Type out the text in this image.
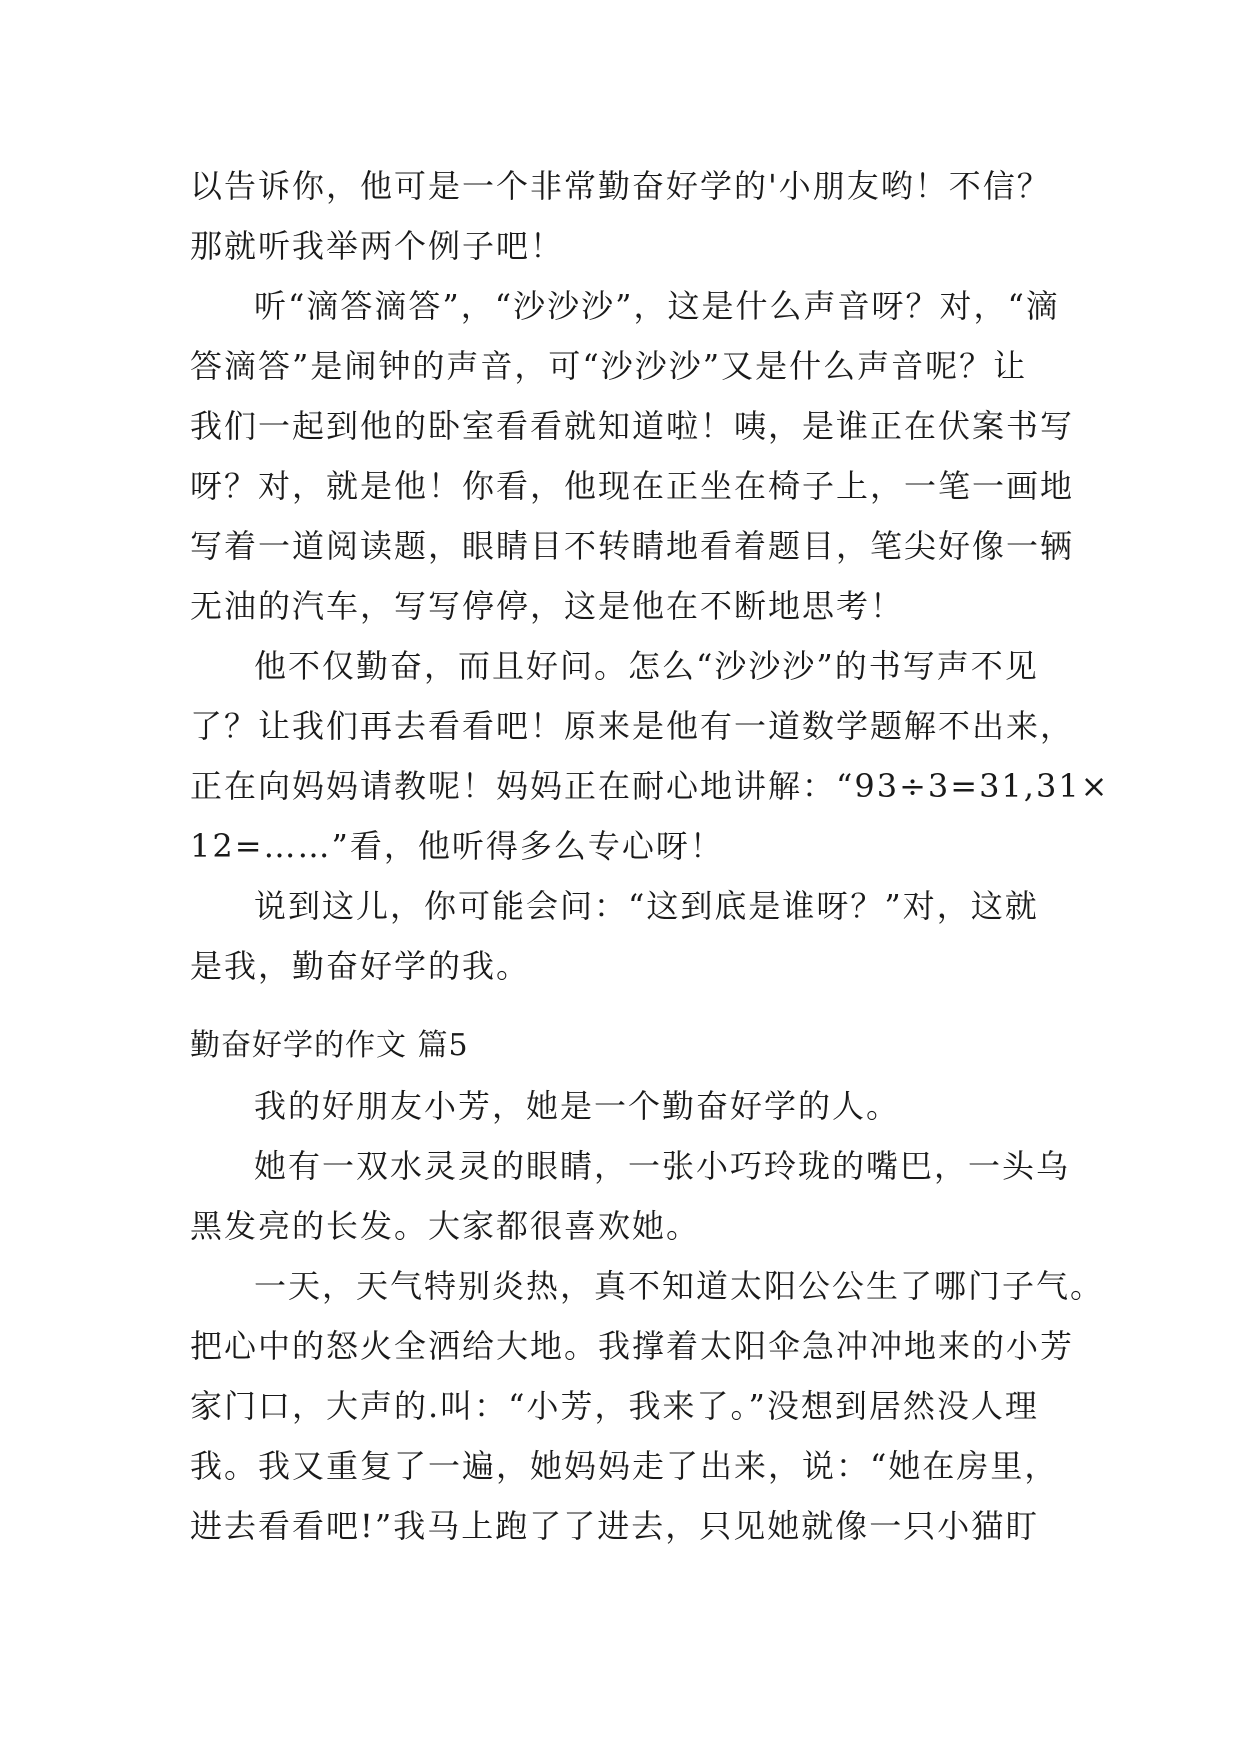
以告诉你，他可是一个非常勤奋好学的'小朋友哟！不信？
那就听我举两个例子吧！
听“滴答滴答”，“沙沙沙”，这是什么声音呀？对，“滴
答滴答”是闹钟的声音，可“沙沙沙”又是什么声音呢？让
我们一起到他的卧室看看就知道啦！咦，是谁正在伏案书写
呀？对，就是他！你看，他现在正坐在椅子上，一笔一画地
写着一道阅读题，眼睛目不转睛地看着题目，笔尖好像一辆
无油的汽车，写写停停，这是他在不断地思考！
他不仅勤奋，而且好问。怎么“沙沙沙”的书写声不见
了？让我们再去看看吧！原来是他有一道数学题解不出来，
正在向妈妈请教呢！妈妈正在耐心地讲解：“93÷3=31,31×
12=……”看，他听得多么专心呀！
说到这儿，你可能会问：“这到底是谁呀？”对，这就
是我，勤奋好学的我。
勤奋好学的作文 篇5
我的好朋友小芳，她是一个勤奋好学的人。
她有一双水灵灵的眼睛，一张小巧玲珑的嘴巴，一头乌
黑发亮的长发。大家都很喜欢她。
一天，天气特别炎热，真不知道太阳公公生了哪门子气。
把心中的怒火全洒给大地。我撑着太阳伞急冲冲地来的小芳
家门口，大声的.叫：“小芳，我来了。”没想到居然没人理
我。我又重复了一遍，她妈妈走了出来，说：“她在房里，
进去看看吧!”我马上跑了了进去，只见她就像一只小猫盯
